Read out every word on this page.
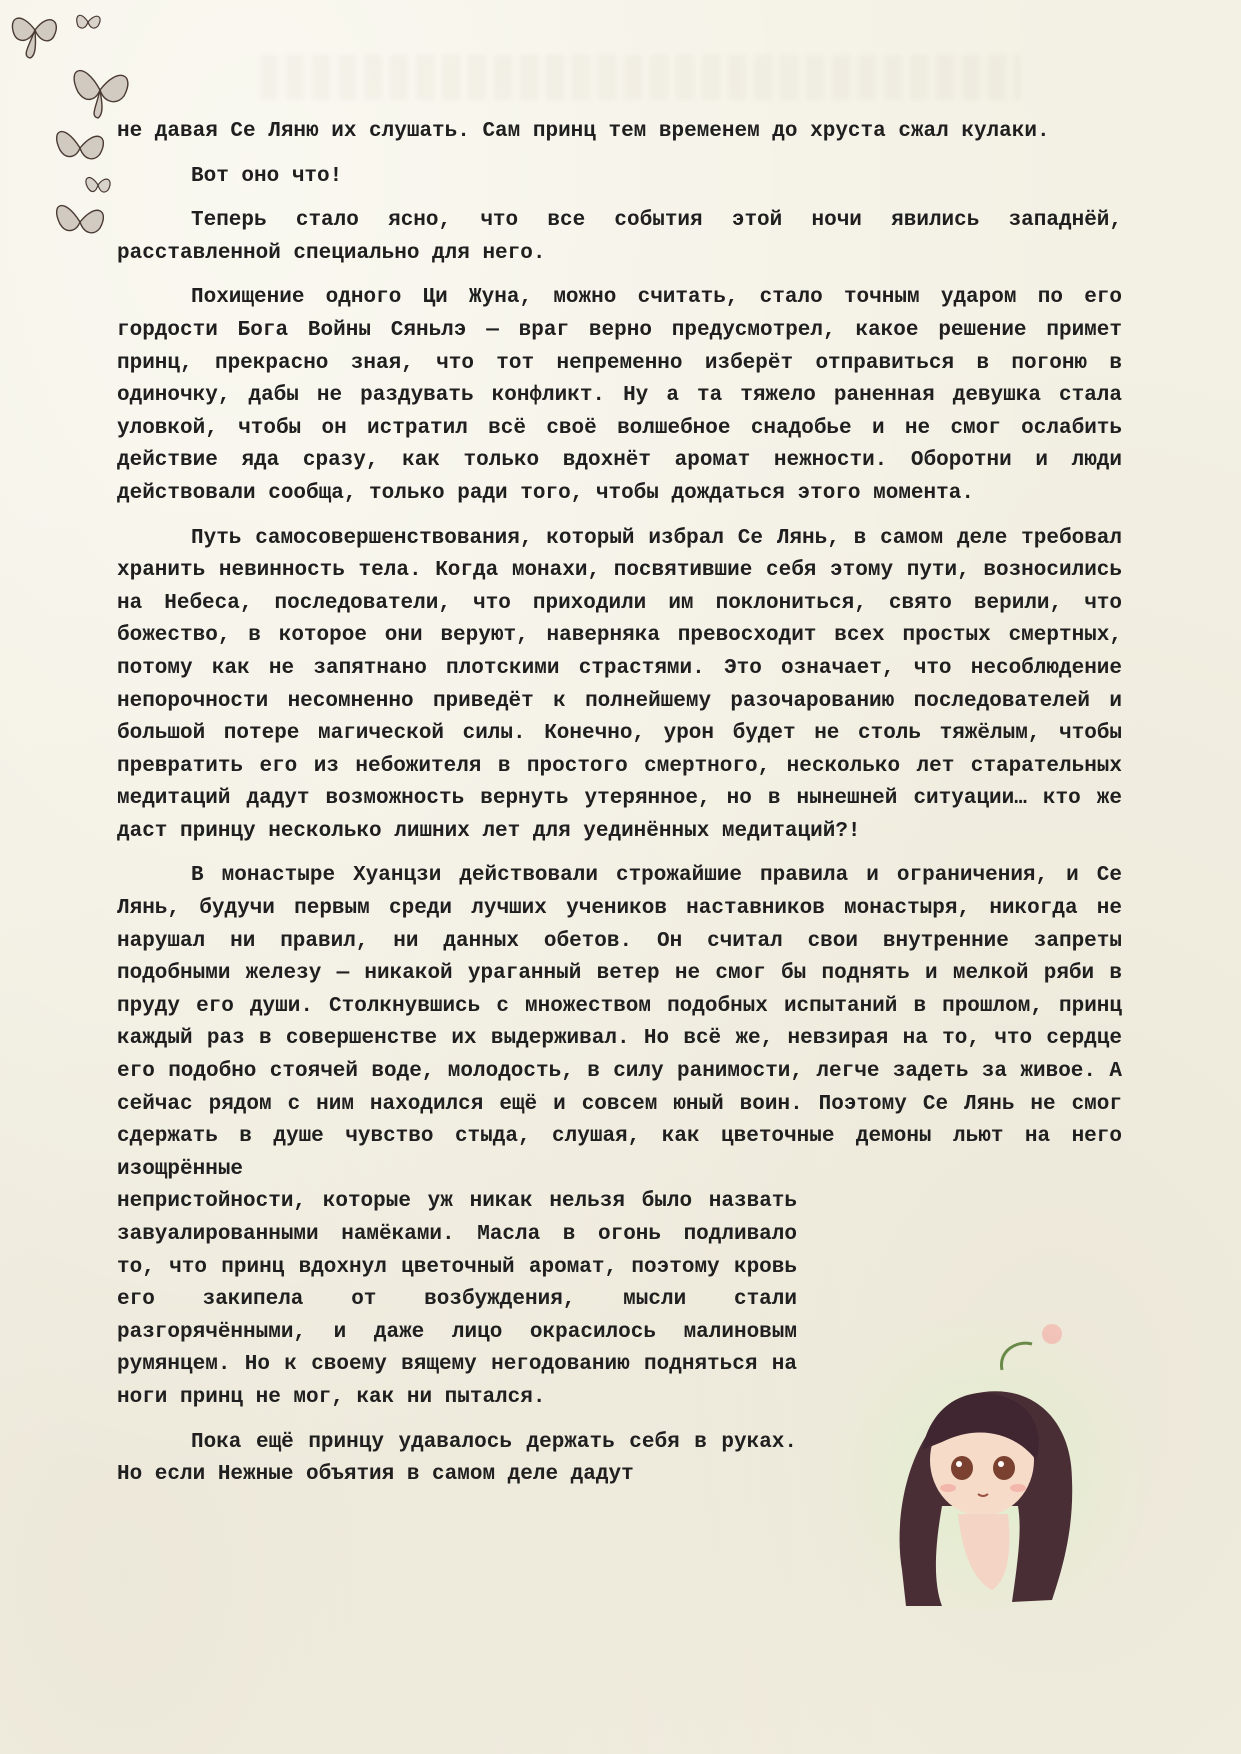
не давая Се Ляню их слушать. Сам принц тем временем до хруста сжал кулаки.

Вот оно что!

Теперь стало ясно, что все события этой ночи явились западнёй, расставленной специально для него.

Похищение одного Ци Жуна, можно считать, стало точным ударом по его гордости Бога Войны Сяньлэ — враг верно предусмотрел, какое решение примет принц, прекрасно зная, что тот непременно изберёт отправиться в погоню в одиночку, дабы не раздувать конфликт. Ну а та тяжело раненная девушка стала уловкой, чтобы он истратил всё своё волшебное снадобье и не смог ослабить действие яда сразу, как только вдохнёт аромат нежности. Оборотни и люди действовали сообща, только ради того, чтобы дождаться этого момента.

Путь самосовершенствования, который избрал Се Лянь, в самом деле требовал хранить невинность тела. Когда монахи, посвятившие себя этому пути, возносились на Небеса, последователи, что приходили им поклониться, свято верили, что божество, в которое они веруют, наверняка превосходит всех простых смертных, потому как не запятнано плотскими страстями. Это означает, что несоблюдение непорочности несомненно приведёт к полнейшему разочарованию последователей и большой потере магической силы. Конечно, урон будет не столь тяжёлым, чтобы превратить его из небожителя в простого смертного, несколько лет старательных медитаций дадут возможность вернуть утерянное, но в нынешней ситуации… кто же даст принцу несколько лишних лет для уединённых медитаций?!

В монастыре Хуанцзи действовали строжайшие правила и ограничения, и Се Лянь, будучи первым среди лучших учеников наставников монастыря, никогда не нарушал ни правил, ни данных обетов. Он считал свои внутренние запреты подобными железу — никакой ураганный ветер не смог бы поднять и мелкой ряби в пруду его души. Столкнувшись с множеством подобных испытаний в прошлом, принц каждый раз в совершенстве их выдерживал. Но всё же, невзирая на то, что сердце его подобно стоячей воде, молодость, в силу ранимости, легче задеть за живое. А сейчас рядом с ним находился ещё и совсем юный воин. Поэтому Се Лянь не смог сдержать в душе чувство стыда, слушая, как цветочные демоны льют на него изощрённые

непристойности, которые уж никак нельзя было назвать завуалированными намёками. Масла в огонь подливало то, что принц вдохнул цветочный аромат, поэтому кровь его закипела от возбуждения, мысли стали разгорячёнными, и даже лицо окрасилось малиновым румянцем. Но к своему вящему негодованию подняться на ноги принц не мог, как ни пытался.

Пока ещё принцу удавалось держать себя в руках. Но если Нежные объятия в самом деле дадут
